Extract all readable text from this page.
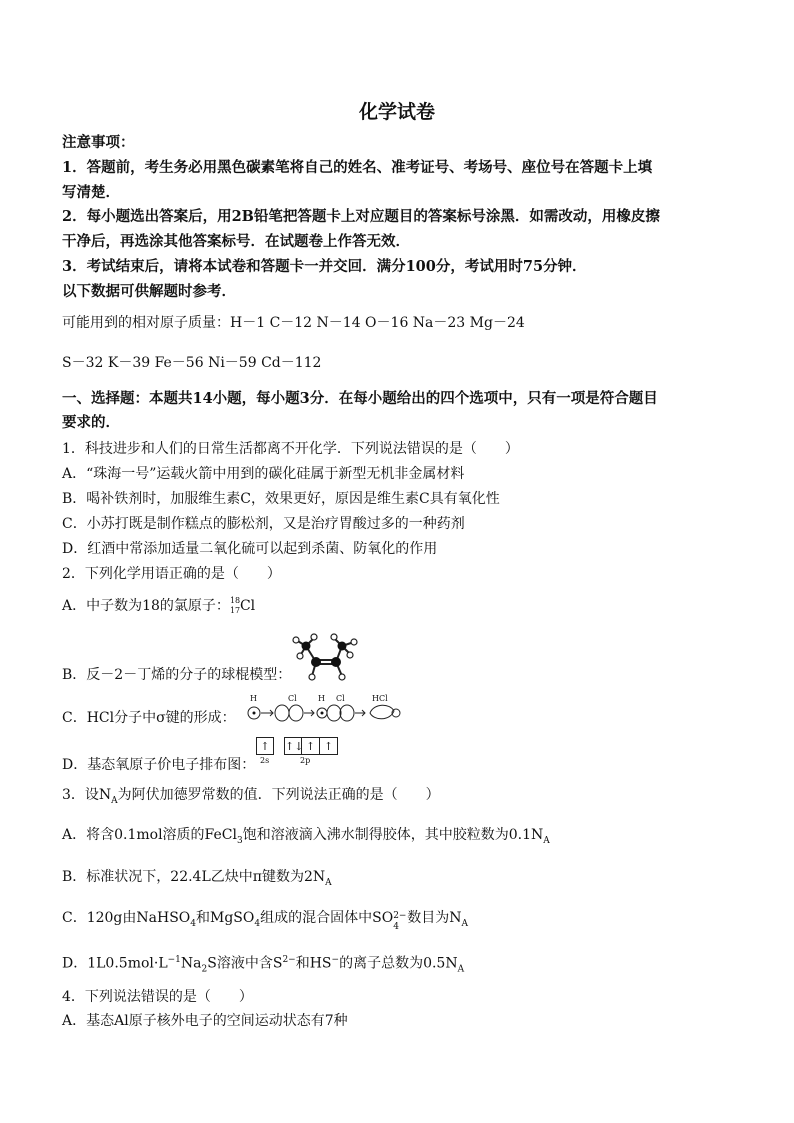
化学试卷
注意事项：
1．答题前，考生务必用黑色碳素笔将自己的姓名、准考证号、考场号、座位号在答题卡上填
写清楚．
2．每小题选出答案后，用2B铅笔把答题卡上对应题目的答案标号涂黑．如需改动，用橡皮擦
干净后，再选涂其他答案标号．在试题卷上作答无效．
3．考试结束后，请将本试卷和答题卡一并交回．满分100分，考试用时75分钟．
以下数据可供解题时参考．
可能用到的相对原子质量：H－1 C－12 N－14 O－16 Na－23 Mg－24
S－32 K－39 Fe－56 Ni－59 Cd－112
一、选择题：本题共14小题，每小题3分．在每小题给出的四个选项中，只有一项是符合题目
要求的．
1．科技进步和人们的日常生活都离不开化学．下列说法错误的是（　　）
A．“珠海一号”运载火箭中用到的碳化硅属于新型无机非金属材料
B．喝补铁剂时，加服维生素C，效果更好，原因是维生素C具有氧化性
C．小苏打既是制作糕点的膨松剂，又是治疗胃酸过多的一种药剂
D．红酒中常添加适量二氧化硫可以起到杀菌、防氧化的作用
2．下列化学用语正确的是（　　）
A．中子数为18的氯原子： 18
17 Cl
B．反－2－丁烯的分子的球棍模型：
C．HCl分子中σ键的形成：
H	Cl	H Cl	HCl
D．基态氧原子价电子排布图：
↑ ↑↓ ↑ ↑
2s	2p
3．设$N_A$为阿伏加德罗常数的值．下列说法正确的是（　　）
A．将含0.1mol溶质的FeCl$_3$饱和溶液滴入沸水制得胶体，其中胶粒数为$0.1N_A$
B．标准状况下，22.4L乙炔中π键数为$2N_A$
C．120g由NaHSO$_4$和MgSO$_4$组成的混合固体中SO 2−
4
数目为$N_A$
D．$1L0.5mol\cdot L^{-1}Na_2S$溶液中含$S^{2-}$和HS−的离子总数为$0.5N_A$
4．下列说法错误的是（　　）
A．基态Al原子核外电子的空间运动状态有7种
